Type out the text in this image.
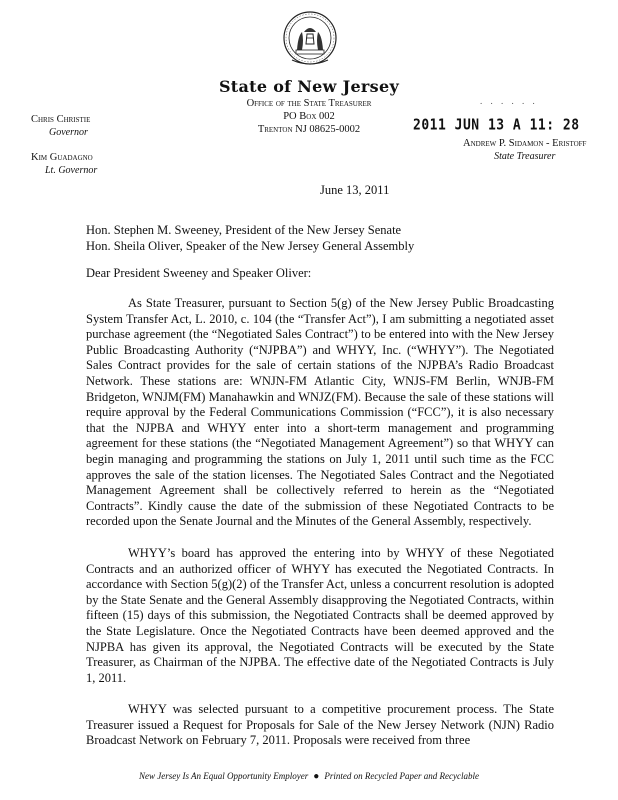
State of New Jersey
Office of the State Treasurer
PO Box 002
Trenton NJ 08625-0002
Chris Christie
Governor
Kim Guadagno
Lt. Governor
. . . . . .
2011 JUN 13 A 11: 28
Andrew P. Sidamon - Eristoff
State Treasurer
June 13, 2011
Hon. Stephen M. Sweeney, President of the New Jersey Senate
Hon. Sheila Oliver, Speaker of the New Jersey General Assembly
Dear President Sweeney and Speaker Oliver:

As State Treasurer, pursuant to Section 5(g) of the New Jersey Public Broadcasting System Transfer Act, L. 2010, c. 104 (the “Transfer Act”), I am submitting a negotiated asset purchase agreement (the “Negotiated Sales Contract”) to be entered into with the New Jersey Public Broadcasting Authority (“NJPBA”) and WHYY, Inc. (“WHYY”). The Negotiated Sales Contract provides for the sale of certain stations of the NJPBA’s Radio Broadcast Network. These stations are: WNJN-FM Atlantic City, WNJS-FM Berlin, WNJB-FM Bridgeton, WNJM(FM) Manahawkin and WNJZ(FM). Because the sale of these stations will require approval by the Federal Communications Commission (“FCC”), it is also necessary that the NJPBA and WHYY enter into a short-term management and programming agreement for these stations (the “Negotiated Management Agreement”) so that WHYY can begin managing and programming the stations on July 1, 2011 until such time as the FCC approves the sale of the station licenses. The Negotiated Sales Contract and the Negotiated Management Agreement shall be collectively referred to herein as the “Negotiated Contracts”. Kindly cause the date of the submission of these Negotiated Contracts to be recorded upon the Senate Journal and the Minutes of the General Assembly, respectively.

WHYY’s board has approved the entering into by WHYY of these Negotiated Contracts and an authorized officer of WHYY has executed the Negotiated Contracts. In accordance with Section 5(g)(2) of the Transfer Act, unless a concurrent resolution is adopted by the State Senate and the General Assembly disapproving the Negotiated Contracts, within fifteen (15) days of this submission, the Negotiated Contracts shall be deemed approved by the State Legislature. Once the Negotiated Contracts have been deemed approved and the NJPBA has given its approval, the Negotiated Contracts will be executed by the State Treasurer, as Chairman of the NJPBA. The effective date of the Negotiated Contracts is July 1, 2011.

WHYY was selected pursuant to a competitive procurement process. The State Treasurer issued a Request for Proposals for Sale of the New Jersey Network (NJN) Radio Broadcast Network on February 7, 2011. Proposals were received from three

New Jersey Is An Equal Opportunity Employer ● Printed on Recycled Paper and Recyclable
